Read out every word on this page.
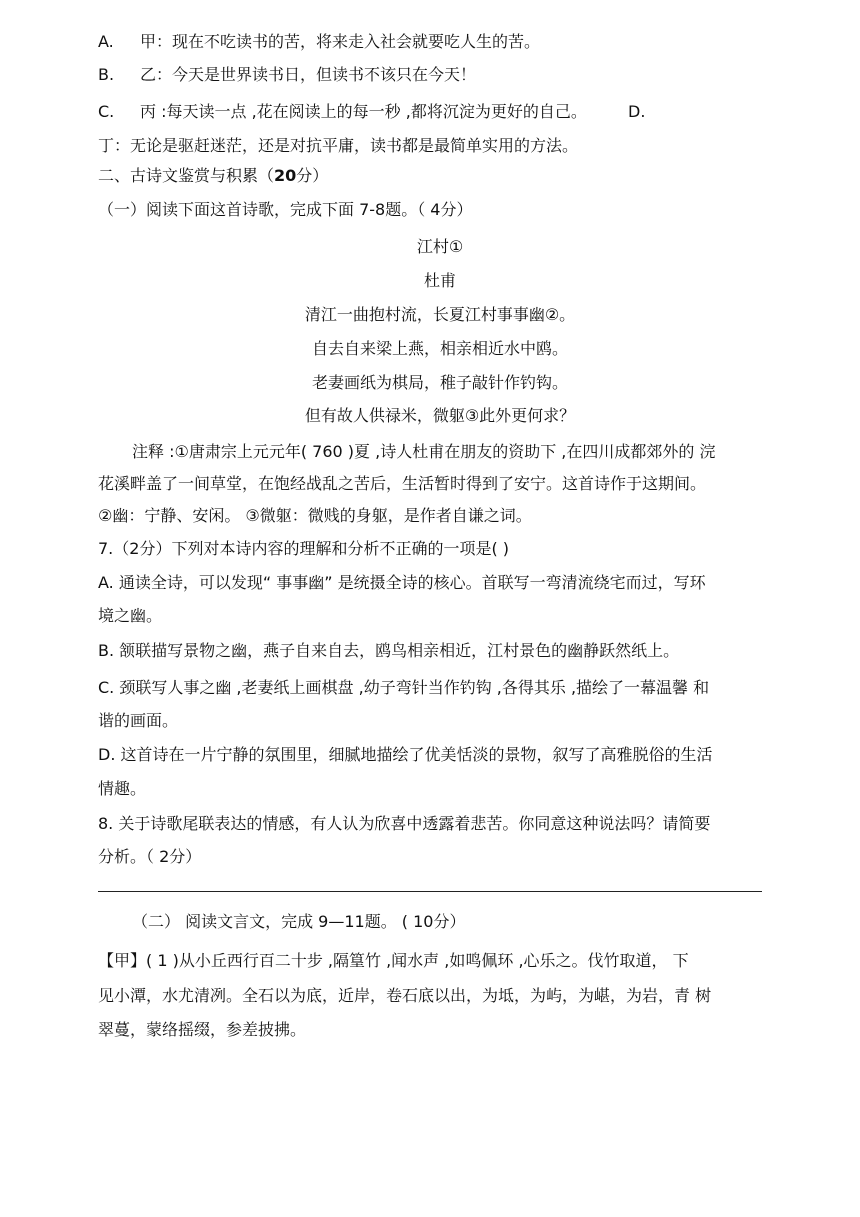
A. 甲：现在不吃读书的苦，将来走入社会就要吃人生的苦。
B. 乙：今天是世界读书日，但读书不该只在今天！
C. 丙 :每天读一点 ,花在阅读上的每一秒 ,都将沉淀为更好的自己。	D.
丁：无论是驱赶迷茫，还是对抗平庸，读书都是最简单实用的方法。
二、古诗文鉴赏与积累（20分）
（一）阅读下面这首诗歌，完成下面 7-8题。（ 4分）
江村①
杜甫
清江一曲抱村流，长夏江村事事幽②。
自去自来梁上燕，相亲相近水中鸥。
老妻画纸为棋局，稚子敲针作钓钩。
但有故人供禄米，微躯③此外更何求？
注释 :①唐肃宗上元元年( 760 )夏 ,诗人杜甫在朋友的资助下 ,在四川成都郊外的 浣
花溪畔盖了一间草堂，在饱经战乱之苦后，生活暂时得到了安宁。这首诗作于这期间。
②幽：宁静、安闲。 ③微躯：微贱的身躯，是作者自谦之词。
7.（2分）下列对本诗内容的理解和分析不正确的一项是( )
A. 通读全诗，可以发现“ 事事幽” 是统摄全诗的核心。首联写一弯清流绕宅而过，写环
境之幽。
B. 颔联描写景物之幽，燕子自来自去，鸥鸟相亲相近，江村景色的幽静跃然纸上。
C. 颈联写人事之幽 ,老妻纸上画棋盘 ,幼子弯针当作钓钩 ,各得其乐 ,描绘了一幕温馨 和
谐的画面。
D. 这首诗在一片宁静的氛围里，细腻地描绘了优美恬淡的景物，叙写了高雅脱俗的生活
情趣。
8. 关于诗歌尾联表达的情感，有人认为欣喜中透露着悲苦。你同意这种说法吗？请简要
分析。（ 2分）
（二） 阅读文言文，完成 9—11题。 ( 10分）
【甲】( 1 )从小丘西行百二十步 ,隔篁竹 ,闻水声 ,如鸣佩环 ,心乐之。伐竹取道， 下
见小潭，水尤清冽。全石以为底，近岸，卷石底以出，为坻，为屿，为嵁，为岩，青 树
翠蔓，蒙络摇缀，参差披拂。
